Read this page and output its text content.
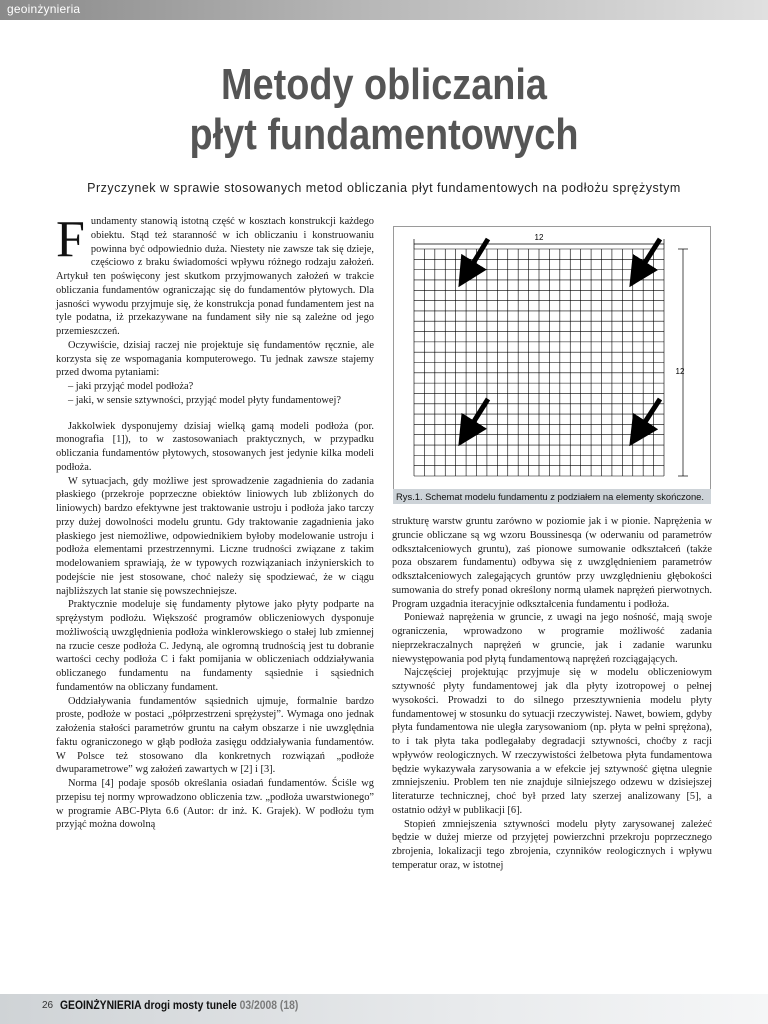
geoinżynieria
Metody obliczania
płyt fundamentowych
Przyczynek w sprawie stosowanych metod obliczania płyt fundamentowych na podłożu sprężystym

Fundamenty stanowią istotną część w kosztach konstrukcji każdego obiektu. Stąd też staranność w ich obliczaniu i konstruowaniu powinna być odpowiednio duża. Niestety nie zawsze tak się dzieje, częściowo z braku świadomości wpływu różnego rodzaju założeń. Artykuł ten poświęcony jest skutkom przyjmowanych założeń w trakcie obliczania fundamentów ograniczając się do fundamentów płytowych. Dla jasności wywodu przyjmuje się, że konstrukcja ponad fundamentem jest na tyle podatna, iż przekazywane na fundament siły nie są zależne od jego przemieszczeń.

Oczywiście, dzisiaj raczej nie projektuje się fundamentów ręcznie, ale korzysta się ze wspomagania komputerowego. Tu jednak zawsze stajemy przed dwoma pytaniami:

– jaki przyjąć model podłoża?

– jaki, w sensie sztywności, przyjąć model płyty fundamentowej?

Jakkolwiek dysponujemy dzisiaj wielką gamą modeli podłoża (por. monografia [1]), to w zastosowaniach praktycznych, w przypadku obliczania fundamentów płytowych, stosowanych jest jedynie kilka modeli podłoża.

W sytuacjach, gdy możliwe jest sprowadzenie zagadnienia do zadania płaskiego (przekroje poprzeczne obiektów liniowych lub zbliżonych do liniowych) bardzo efektywne jest traktowanie ustroju i podłoża jako tarczy przy dużej dowolności modelu gruntu. Gdy traktowanie zagadnienia jako płaskiego jest niemożliwe, odpowiednikiem byłoby modelowanie ustroju i podłoża elementami przestrzennymi. Liczne trudności związane z takim modelowaniem sprawiają, że w typowych rozwiązaniach inżynierskich to podejście nie jest stosowane, choć należy się spodziewać, że w ciągu najbliższych lat stanie się powszechniejsze.

Praktycznie modeluje się fundamenty płytowe jako płyty podparte na sprężystym podłożu. Większość programów obliczeniowych dysponuje możliwością uwzględnienia podłoża winklerowskiego o stałej lub zmiennej na rzucie cesze podłoża C. Jedyną, ale ogromną trudnością jest tu dobranie wartości cechy podłoża C i fakt pomijania w obliczeniach oddziaływania obliczanego fundamentu na fundamenty sąsiednie i sąsiednich fundamentów na obliczany fundament.

Oddziaływania fundamentów sąsiednich ujmuje, formalnie bardzo proste, podłoże w postaci „półprzestrzeni sprężystej”. Wymaga ono jednak założenia stałości parametrów gruntu na całym obszarze i nie uwzględnia faktu ograniczonego w głąb podłoża zasięgu oddziaływania fundamentów. W Polsce też stosowano dla konkretnych rozwiązań „podłoże dwuparametrowe” wg założeń zawartych w [2] i [3].

Norma [4] podaje sposób określania osiadań fundamentów. Ściśle wg przepisu tej normy wprowadzono obliczenia tzw. „podłoża uwarstwionego” w programie ABC-Płyta 6.6 (Autor: dr inż. K. Grajek). W podłożu tym przyjąć można dowolną

12
12
Rys.1. Schemat modelu fundamentu z podziałem na elementy skończone.

strukturę warstw gruntu zarówno w poziomie jak i w pionie. Naprężenia w gruncie obliczane są wg wzoru Boussinesqa (w oderwaniu od parametrów odkształceniowych gruntu), zaś pionowe sumowanie odkształceń (także poza obszarem fundamentu) odbywa się z uwzględnieniem parametrów odkształceniowych zalegających gruntów przy uwzględnieniu głębokości sumowania do strefy ponad określony normą ułamek naprężeń pierwotnych. Program uzgadnia iteracyjnie odkształcenia fundamentu i podłoża.

Ponieważ naprężenia w gruncie, z uwagi na jego nośność, mają swoje ograniczenia, wprowadzono w programie możliwość zadania nieprzekraczalnych naprężeń w gruncie, jak i zadanie warunku niewystępowania pod płytą fundamentową naprężeń rozciągających.

Najczęściej projektując przyjmuje się w modelu obliczeniowym sztywność płyty fundamentowej jak dla płyty izotropowej o pełnej wysokości. Prowadzi to do silnego przesztywnienia modelu płyty fundamentowej w stosunku do sytuacji rzeczywistej. Nawet, bowiem, gdyby płyta fundamentowa nie uległa zarysowaniom (np. płyta w pełni sprężona), to i tak płyta taka podlegałaby degradacji sztywności, choćby z racji wpływów reologicznych. W rzeczywistości żelbetowa płyta fundamentowa będzie wykazywała zarysowania a w efekcie jej sztywność giętna ulegnie zmniejszeniu. Problem ten nie znajduje silniejszego odzewu w dzisiejszej literaturze technicznej, choć był przed laty szerzej analizowany [5], a ostatnio odżył w publikacji [6].

Stopień zmniejszenia sztywności modelu płyty zarysowanej zależeć będzie w dużej mierze od przyjętej powierzchni przekroju poprzecznego zbrojenia, lokalizacji tego zbrojenia, czynników reologicznych i wpływu temperatur oraz, w istotnej

26 GEOINŻYNIERIA drogi mosty tunele 03/2008 (18)
